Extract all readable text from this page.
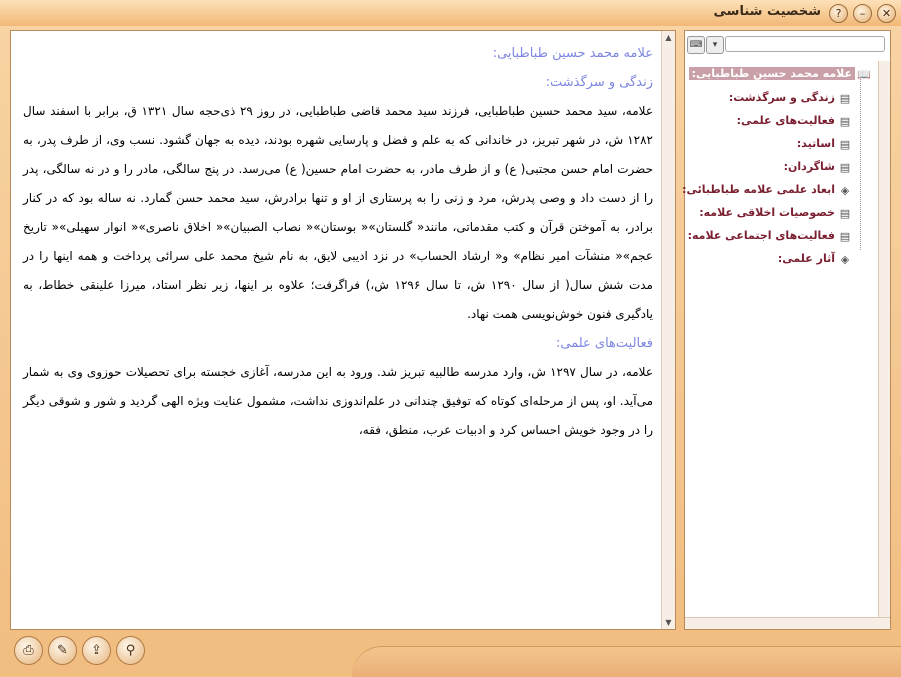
شخصیت شناسی	?	–	✕
علامه محمد حسین طباطبایی:
زندگی و سرگذشت:

علامه، سید محمد حسین طباطبایی، فرزند سید محمد قاضی طباطبایی، در روز ۲۹ ذی‌حجه سال ۱۳۲۱ ق، برابر با اسفند سال ۱۲۸۲ ش، در شهر تبریز، در خاندانی که به علم و فضل و پارسایی شهره بودند، دیده به جهان گشود. نسب وی، از طرف پدر، به حضرت امام حسن مجتبی( ع) و از طرف مادر، به حضرت امام حسین( ع) می‌رسد. در پنج سالگی، مادر را و در نه سالگی، پدر را از دست داد و وصی پدرش، مرد و زنی را به پرستاری از او و تنها برادرش، سید محمد حسن گمارد. نه ساله بود که در کنار برادر، به آموختن قرآن و کتب مقدماتی، مانند« گلستان»« بوستان»« نصاب الصبیان»« اخلاق ناصری»« انوار سهیلی»« تاریخ عجم»« منشآت امیر نظام» و« ارشاد الحساب» در نزد ادیبی لایق، به نام شیخ محمد علی سرائی پرداخت و همه اینها را در مدت شش سال( از سال ۱۲۹۰ ش، تا سال ۱۲۹۶ ش،) فراگرفت؛ علاوه بر اینها، زیر نظر استاد، میرزا علینقی خطاط، به یادگیری فنون خوش‌نویسی همت نهاد.

فعالیت‌های علمی:

علامه، در سال ۱۲۹۷ ش، وارد مدرسه طالبیه تبریز شد. ورود به این مدرسه، آغازی خجسته برای تحصیلات حوزوی وی به شمار می‌آید. او، پس از مرحله‌ای کوتاه که توفیق چندانی در علم‌اندوزی نداشت، مشمول عنایت ویژه الهی گردید و شور و شوقی دیگر را در وجود خویش احساس کرد و ادبیات عرب، منطق، فقه،

▲
▼
⌨	▾
📖علامه محمد حسین طباطبایی:
▤زندگی و سرگذشت:
▤فعالیت‌های علمی:
▤اساتید:
▤شاگردان:
◈ابعاد علمی علامه طباطبائی:
▤خصوصیات اخلاقی علامه:
▤فعالیت‌های اجتماعی علامه:
◈آثار علمی:
⎙	✎	⇪	⚲
